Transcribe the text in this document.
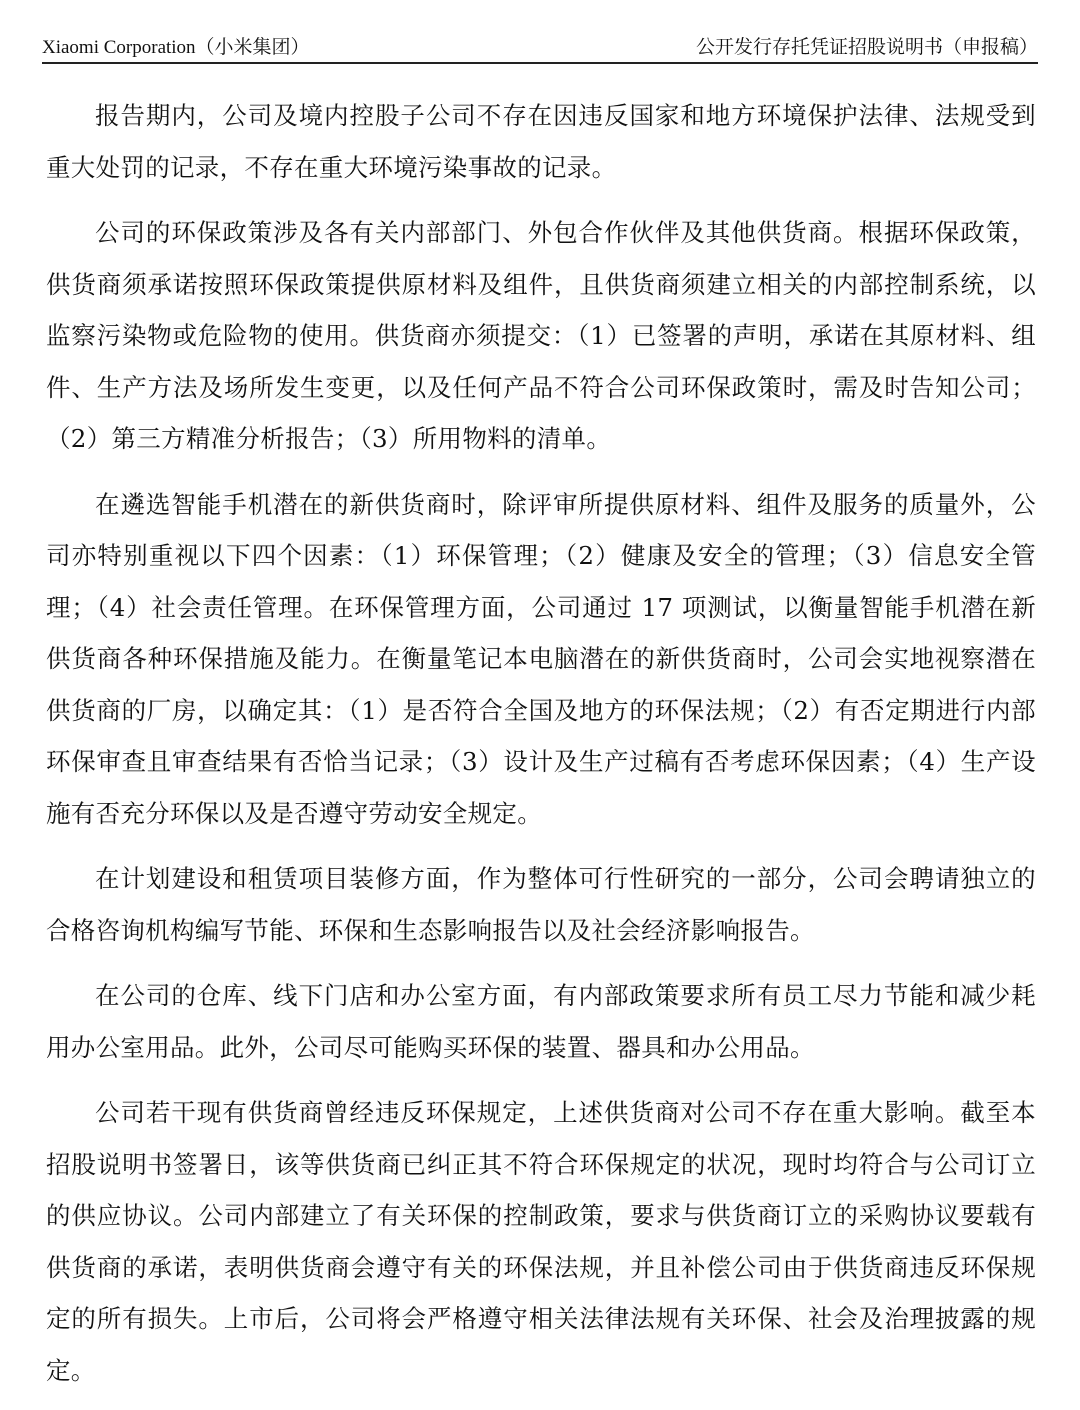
Xiaomi Corporation（小米集团）	公开发行存托凭证招股说明书（申报稿）

报告期内，公司及境内控股子公司不存在因违反国家和地方环境保护法律、法规受到重大处罚的记录，不存在重大环境污染事故的记录。

公司的环保政策涉及各有关内部部门、外包合作伙伴及其他供货商。根据环保政策，供货商须承诺按照环保政策提供原材料及组件，且供货商须建立相关的内部控制系统，以监察污染物或危险物的使用。供货商亦须提交：（1）已签署的声明，承诺在其原材料、组件、生产方法及场所发生变更，以及任何产品不符合公司环保政策时，需及时告知公司；（2）第三方精准分析报告；（3）所用物料的清单。

在遴选智能手机潜在的新供货商时，除评审所提供原材料、组件及服务的质量外，公司亦特别重视以下四个因素：（1）环保管理；（2）健康及安全的管理；（3）信息安全管理；（4）社会责任管理。在环保管理方面，公司通过 17 项测试，以衡量智能手机潜在新供货商各种环保措施及能力。在衡量笔记本电脑潜在的新供货商时，公司会实地视察潜在供货商的厂房，以确定其：（1）是否符合全国及地方的环保法规；（2）有否定期进行内部环保审查且审查结果有否恰当记录；（3）设计及生产过稿有否考虑环保因素；（4）生产设施有否充分环保以及是否遵守劳动安全规定。

在计划建设和租赁项目装修方面，作为整体可行性研究的一部分，公司会聘请独立的合格咨询机构编写节能、环保和生态影响报告以及社会经济影响报告。

在公司的仓库、线下门店和办公室方面，有内部政策要求所有员工尽力节能和减少耗用办公室用品。此外，公司尽可能购买环保的装置、器具和办公用品。

公司若干现有供货商曾经违反环保规定，上述供货商对公司不存在重大影响。截至本招股说明书签署日，该等供货商已纠正其不符合环保规定的状况，现时均符合与公司订立的供应协议。公司内部建立了有关环保的控制政策，要求与供货商订立的采购协议要载有供货商的承诺，表明供货商会遵守有关的环保法规，并且补偿公司由于供货商违反环保规定的所有损失。上市后，公司将会严格遵守相关法律法规有关环保、社会及治理披露的规定。
